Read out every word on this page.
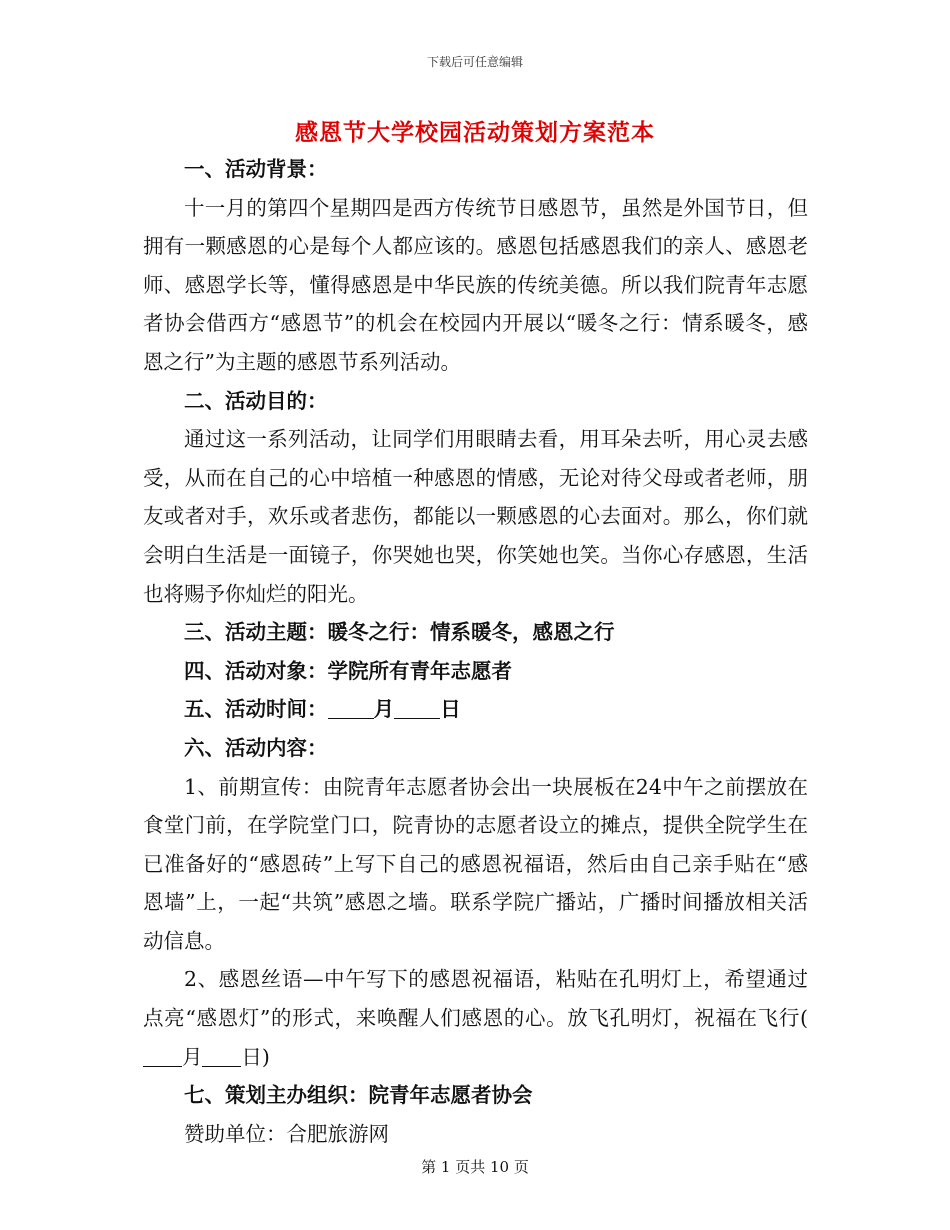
下载后可任意编辑
感恩节大学校园活动策划方案范本

一、活动背景：

十一月的第四个星期四是西方传统节日感恩节，虽然是外国节日，但拥有一颗感恩的心是每个人都应该的。感恩包括感恩我们的亲人、感恩老师、感恩学长等，懂得感恩是中华民族的传统美德。所以我们院青年志愿者协会借西方“感恩节”的机会在校园内开展以“暖冬之行：情系暖冬，感恩之行”为主题的感恩节系列活动。

二、活动目的：

通过这一系列活动，让同学们用眼睛去看，用耳朵去听，用心灵去感受，从而在自己的心中培植一种感恩的情感，无论对待父母或者老师，朋友或者对手，欢乐或者悲伤，都能以一颗感恩的心去面对。那么，你们就会明白生活是一面镜子，你哭她也哭，你笑她也笑。当你心存感恩，生活也将赐予你灿烂的阳光。

三、活动主题：暖冬之行：情系暖冬，感恩之行

四、活动对象：学院所有青年志愿者

五、活动时间： 月 日

六、活动内容：

1、前期宣传：由院青年志愿者协会出一块展板在24中午之前摆放在食堂门前，在学院堂门口，院青协的志愿者设立的摊点，提供全院学生在已准备好的“感恩砖”上写下自己的感恩祝福语，然后由自己亲手贴在“感恩墙”上，一起“共筑”感恩之墙。联系学院广播站，广播时间播放相关活动信息。

2、感恩丝语—中午写下的感恩祝福语，粘贴在孔明灯上，希望通过点亮“感恩灯”的形式，来唤醒人们感恩的心。放飞孔明灯，祝福在飞行(月 日)

七、策划主办组织：院青年志愿者协会

赞助单位：合肥旅游网

第 1 页共 10 页
